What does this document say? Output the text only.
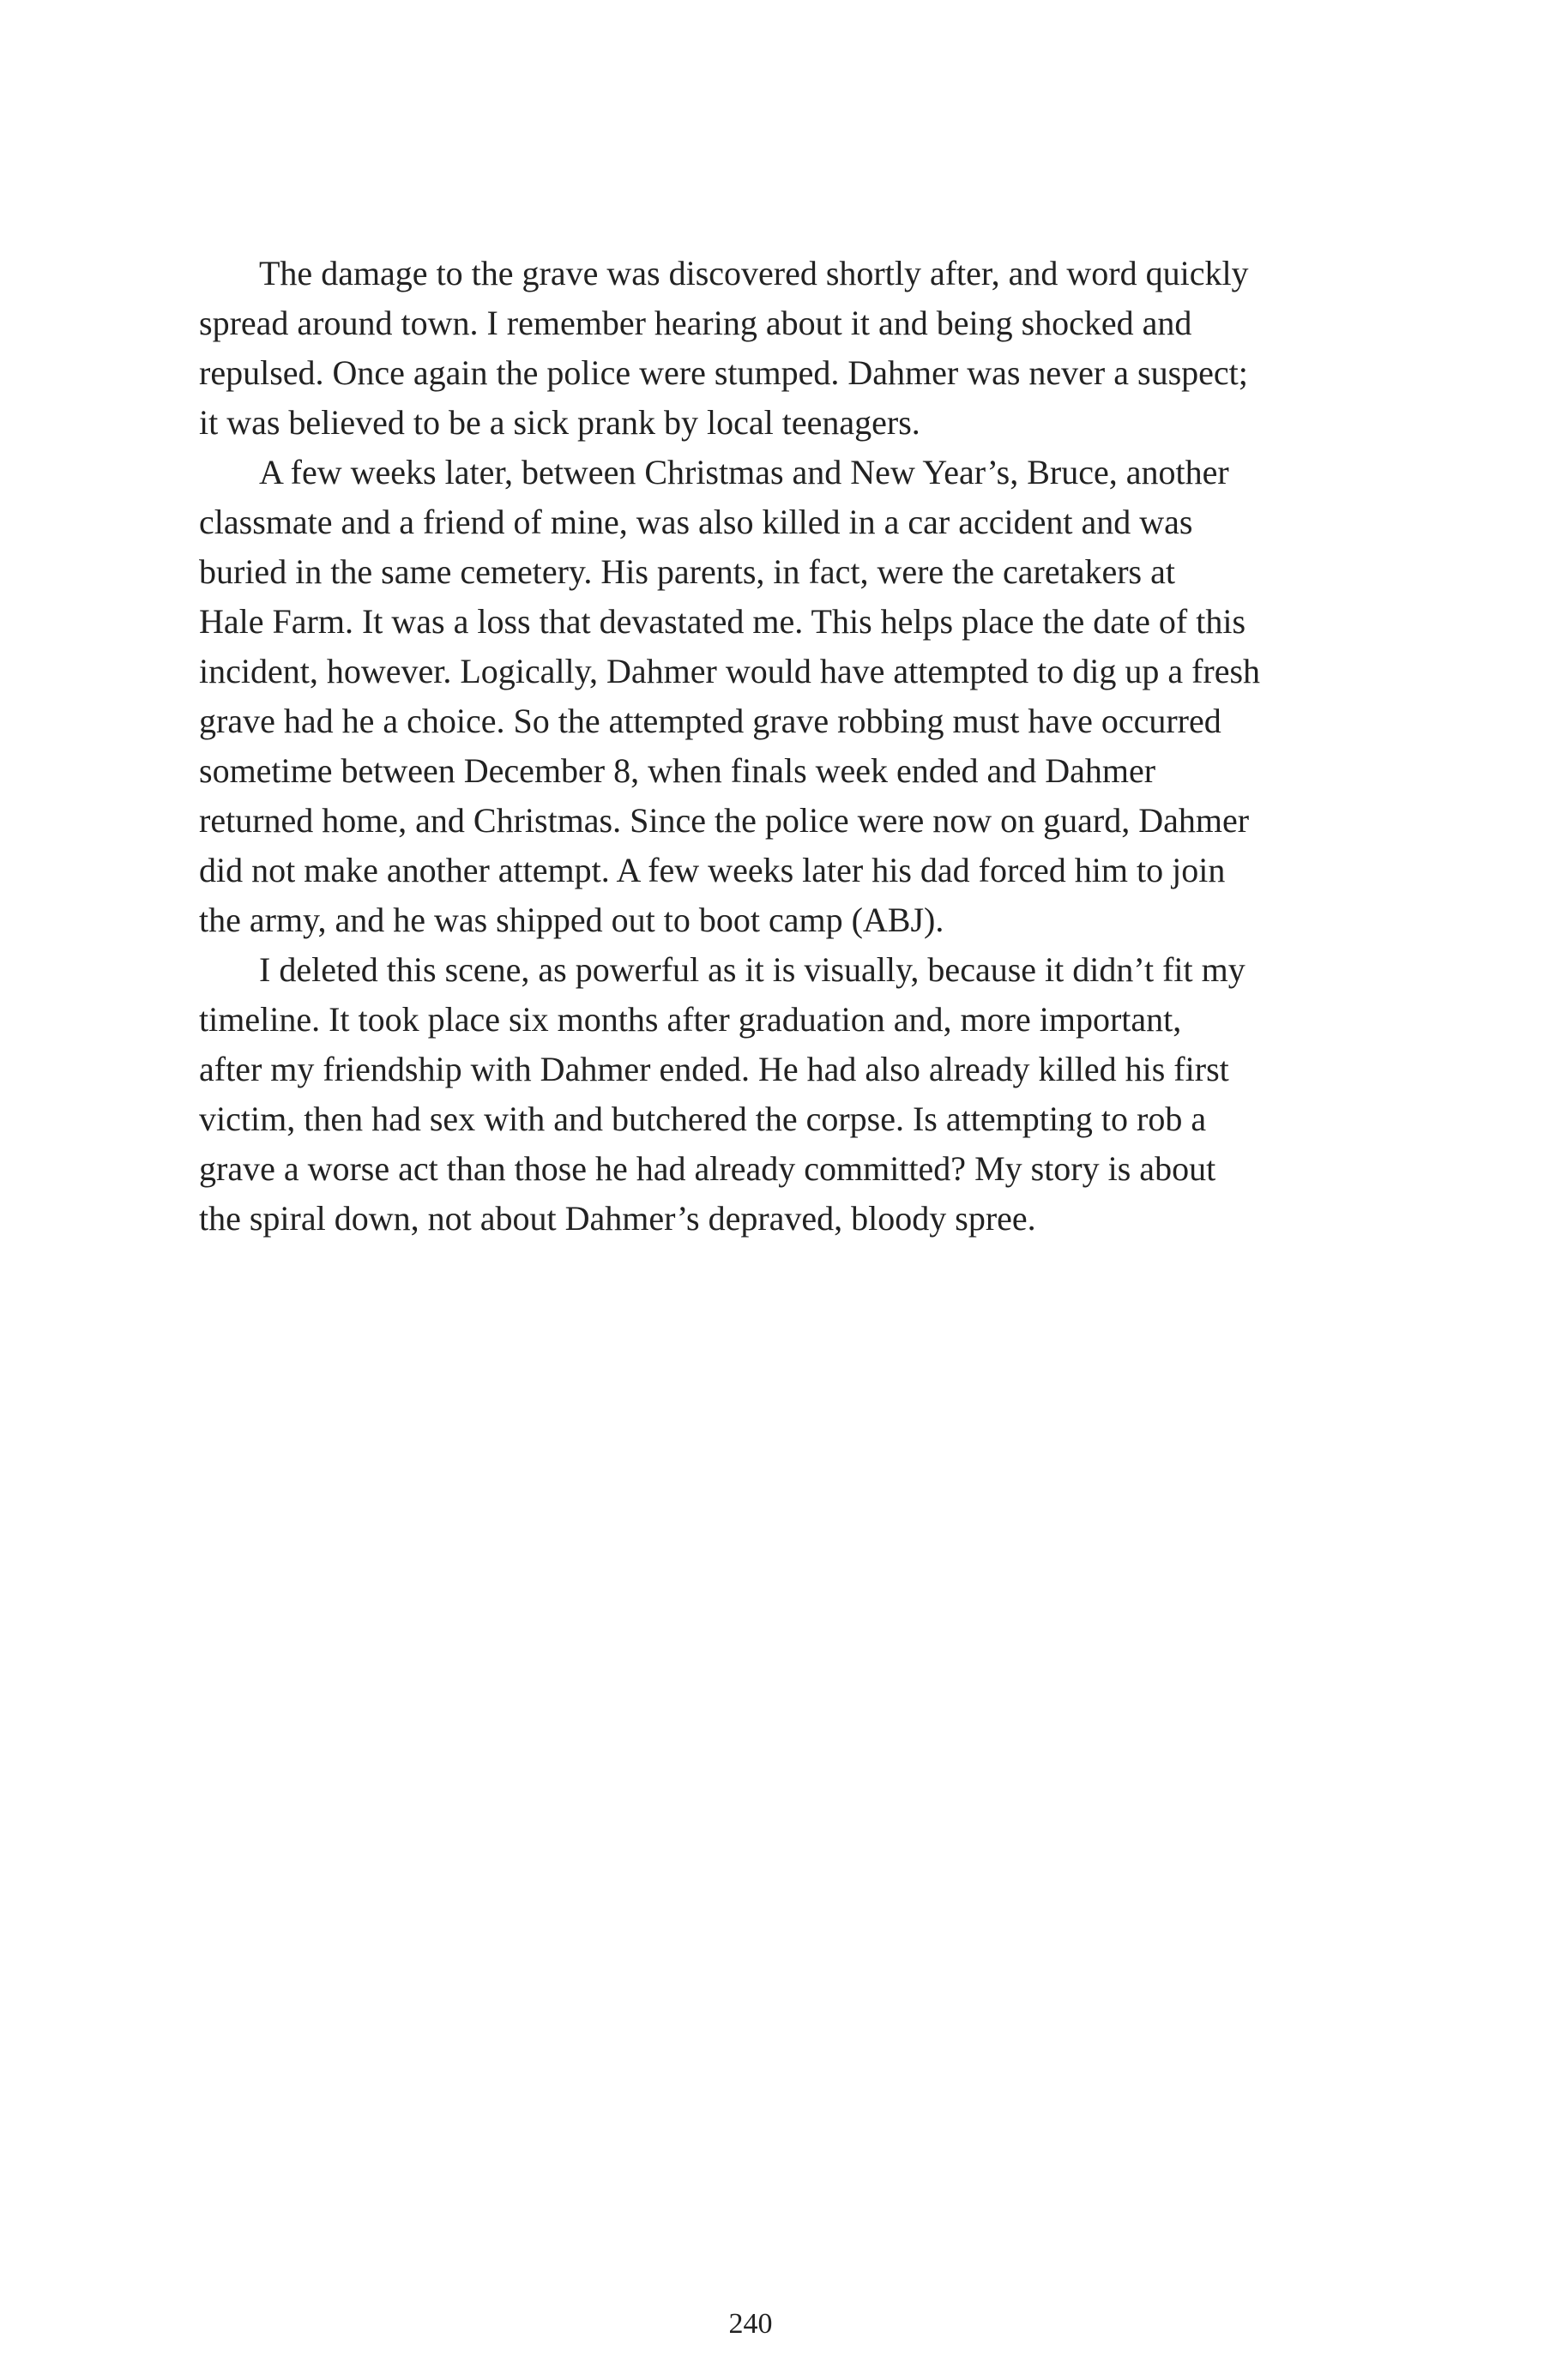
The damage to the grave was discovered shortly after, and word quickly
spread around town. I remember hearing about it and being shocked and
repulsed. Once again the police were stumped. Dahmer was never a suspect;
it was believed to be a sick prank by local teenagers.
A few weeks later, between Christmas and New Year’s, Bruce, another
classmate and a friend of mine, was also killed in a car accident and was
buried in the same cemetery. His parents, in fact, were the caretakers at
Hale Farm. It was a loss that devastated me. This helps place the date of this
incident, however. Logically, Dahmer would have attempted to dig up a fresh
grave had he a choice. So the attempted grave robbing must have occurred
sometime between December 8, when finals week ended and Dahmer
returned home, and Christmas. Since the police were now on guard, Dahmer
did not make another attempt. A few weeks later his dad forced him to join
the army, and he was shipped out to boot camp (ABJ).
I deleted this scene, as powerful as it is visually, because it didn’t fit my
timeline. It took place six months after graduation and, more important,
after my friendship with Dahmer ended. He had also already killed his first
victim, then had sex with and butchered the corpse. Is attempting to rob a
grave a worse act than those he had already committed? My story is about
the spiral down, not about Dahmer’s depraved, bloody spree.
240
